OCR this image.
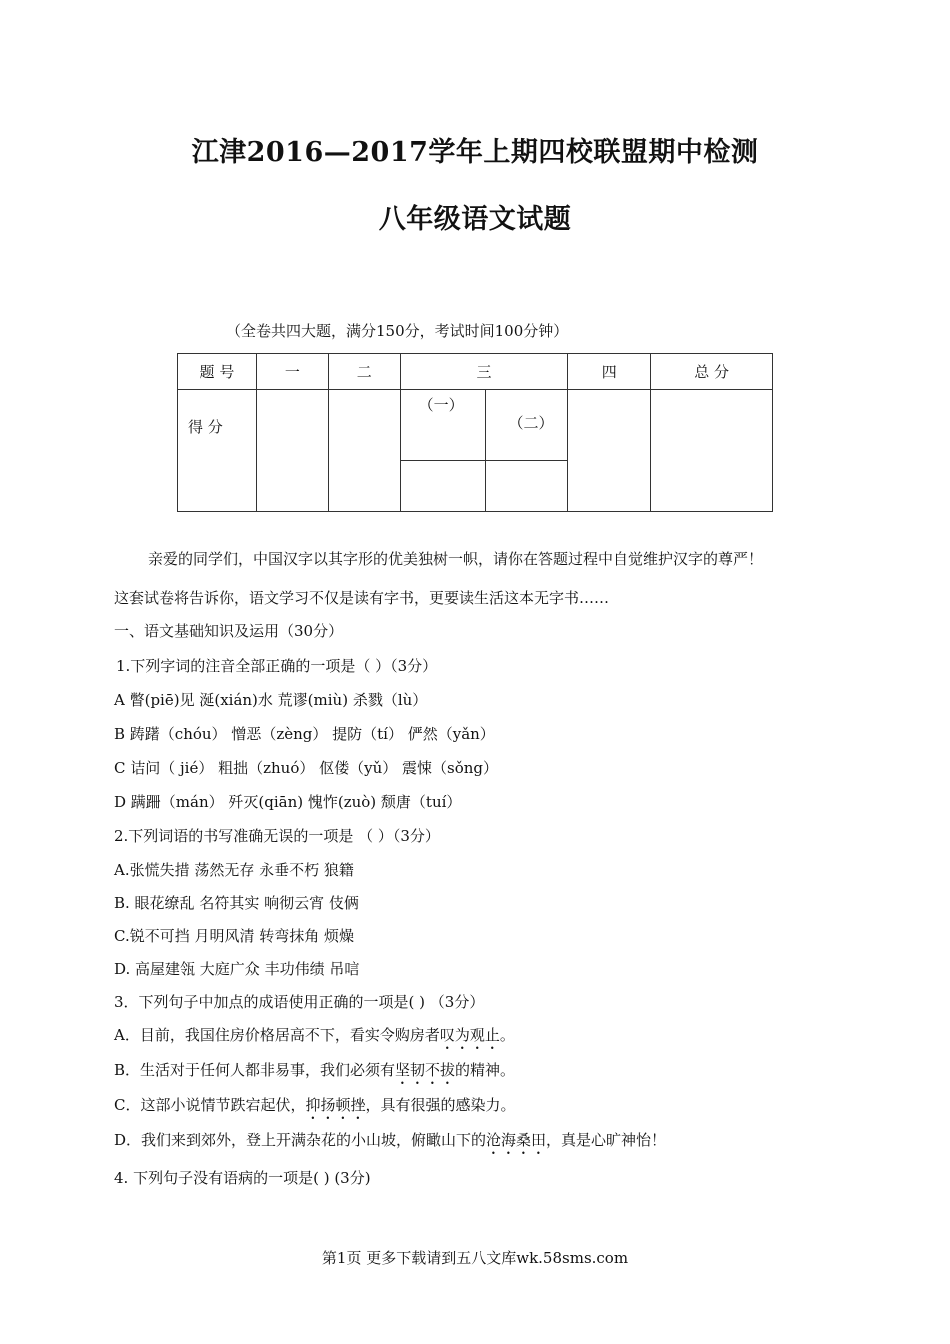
江津2016—2017学年上期四校联盟期中检测
八年级语文试题
（全卷共四大题，满分150分，考试时间100分钟）
题 号	一	二	三		四	总 分
得 分			（一）	（二）		

亲爱的同学们，中国汉字以其字形的优美独树一帜，请你在答题过程中自觉维护汉字的尊严！
这套试卷将告诉你，语文学习不仅是读有字书，更要读生活这本无字书……
一、语文基础知识及运用（30分）
1.下列字词的注音全部正确的一项是（ ）（3分）
A 瞥(piē)见 涎(xián)水 荒谬(miù) 杀戮（lù）
B 踌躇（chóu） 憎恶（zèng） 提防（tí） 俨然（yǎn）
C 诘问（ jié） 粗拙（zhuó） 伛偻（yǔ） 震悚（sǒng）
D 蹒跚（mán） 歼灭(qiān) 愧怍(zuò) 颓唐（tuí）
2.下列词语的书写准确无误的一项是 （ ）（3分）
A.张慌失措 荡然无存 永垂不朽 狼籍
B. 眼花缭乱 名符其实 响彻云宵 伎俩
C.锐不可挡 月明风清 转弯抹角 烦燥
D. 高屋建瓴 大庭广众 丰功伟绩 吊唁
3．下列句子中加点的成语使用正确的一项是( ) （3分）
A．目前，我国住房价格居高不下，看实令购房者叹为观止。
B．生活对于任何人都非易事，我们必须有坚韧不拔的精神。
C．这部小说情节跌宕起伏，抑扬顿挫，具有很强的感染力。
D．我们来到郊外，登上开满杂花的小山坡，俯瞰山下的沧海桑田，真是心旷神怡！
4. 下列句子没有语病的一项是( ) (3分)
第1页 更多下载请到五八文库wk.58sms.com
